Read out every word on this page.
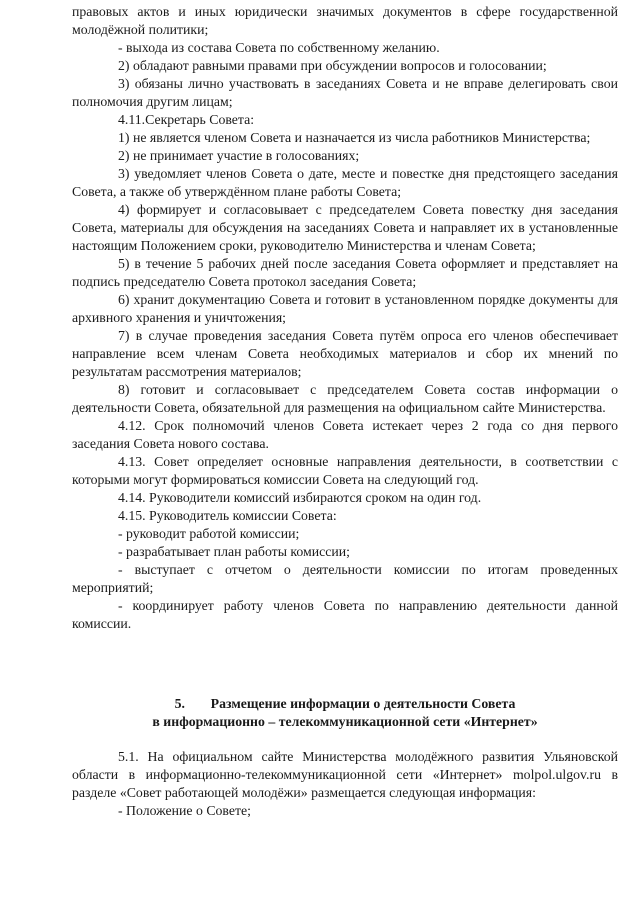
правовых актов и иных юридически значимых документов в сфере государственной молодёжной политики;

- выхода из состава Совета по собственному желанию.

2) обладают равными правами при обсуждении вопросов и голосовании;

3) обязаны лично участвовать в заседаниях Совета и не вправе делегировать свои полномочия другим лицам;

4.11.Секретарь Совета:

1) не является членом Совета и назначается из числа работников Министерства;

2) не принимает участие в голосованиях;

3) уведомляет членов Совета о дате, месте и повестке дня предстоящего заседания Совета, а также об утверждённом плане работы Совета;

4) формирует и согласовывает с председателем Совета повестку дня заседания Совета, материалы для обсуждения на заседаниях Совета и направляет их в установленные настоящим Положением сроки, руководителю Министерства и членам Совета;

5) в течение 5 рабочих дней после заседания Совета оформляет и представляет на подпись председателю Совета протокол заседания Совета;

6) хранит документацию Совета и готовит в установленном порядке документы для архивного хранения и уничтожения;

7) в случае проведения заседания Совета путём опроса его членов обеспечивает направление всем членам Совета необходимых материалов и сбор их мнений по результатам рассмотрения материалов;

8) готовит и согласовывает с председателем Совета состав информации о деятельности Совета, обязательной для размещения на официальном сайте Министерства.

4.12. Срок полномочий членов Совета истекает через 2 года со дня первого заседания Совета нового состава.

4.13. Совет определяет основные направления деятельности, в соответствии с которыми могут формироваться комиссии Совета на следующий год.

4.14. Руководители комиссий избираются сроком на один год.

4.15. Руководитель комиссии Совета:

- руководит работой комиссии;

- разрабатывает план работы комиссии;

- выступает с отчетом о деятельности комиссии по итогам проведенных мероприятий;

- координирует работу членов Совета по направлению деятельности данной комиссии.

5. Размещение информации о деятельности Совета
в информационно – телекоммуникационной сети «Интернет»

5.1. На официальном сайте Министерства молодёжного развития Ульяновской области в информационно-телекоммуникационной сети «Интернет» molpol.ulgov.ru в разделе «Совет работающей молодёжи» размещается следующая информация:

- Положение о Совете;
